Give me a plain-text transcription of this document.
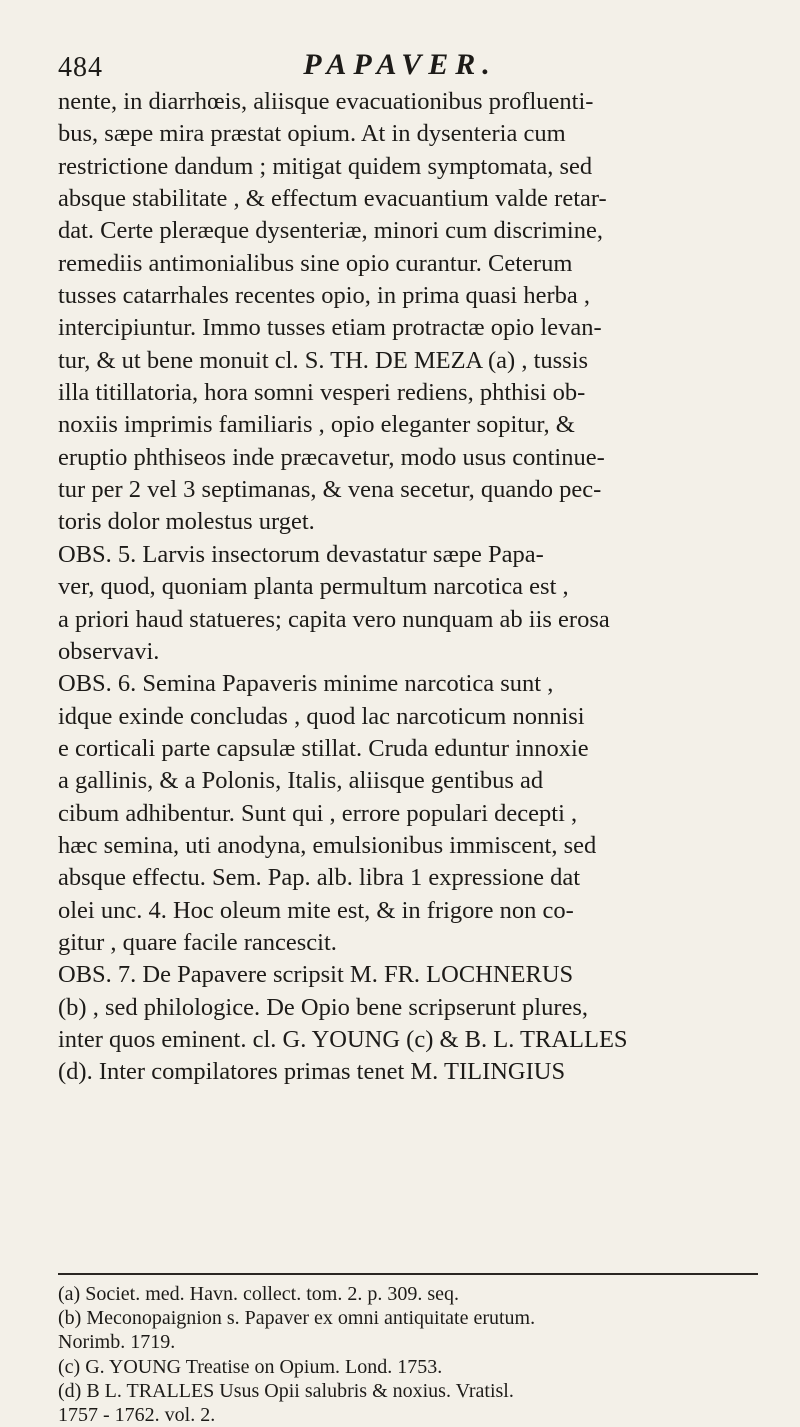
484	PAPAVER.
nente, in diarrhœis, aliisque evacuationibus profluenti-
bus, sæpe mira præstat opium. At in dysenteria cum
restrictione dandum ; mitigat quidem symptomata, sed
absque stabilitate , & effectum evacuantium valde retar-
dat. Certe pleræque dysenteriæ, minori cum discrimine,
remediis antimonialibus sine opio curantur. Ceterum
tusses catarrhales recentes opio, in prima quasi herba ,
intercipiuntur. Immo tusses etiam protractæ opio levan-
tur, & ut bene monuit cl. S. TH. DE MEZA (a) , tussis
illa titillatoria, hora somni vesperi rediens, phthisi ob-
noxiis imprimis familiaris , opio eleganter sopitur, &
eruptio phthiseos inde præcavetur, modo usus continue-
tur per 2 vel 3 septimanas, & vena secetur, quando pec-
toris dolor molestus urget.
OBS. 5. Larvis insectorum devastatur sæpe Papa-
ver, quod, quoniam planta permultum narcotica est ,
a priori haud statueres; capita vero nunquam ab iis erosa
observavi.
OBS. 6. Semina Papaveris minime narcotica sunt ,
idque exinde concludas , quod lac narcoticum nonnisi
e corticali parte capsulæ stillat. Cruda eduntur innoxie
a gallinis, & a Polonis, Italis, aliisque gentibus ad
cibum adhibentur. Sunt qui , errore populari decepti ,
hæc semina, uti anodyna, emulsionibus immiscent, sed
absque effectu. Sem. Pap. alb. libra 1 expressione dat
olei unc. 4. Hoc oleum mite est, & in frigore non co-
gitur , quare facile rancescit.
OBS. 7. De Papavere scripsit M. FR. LOCHNERUS
(b) , sed philologice. De Opio bene scripserunt plures,
inter quos eminent. cl. G. YOUNG (c) & B. L. TRALLES
(d). Inter compilatores primas tenet M. TILINGIUS
(a) Societ. med. Havn. collect. tom. 2. p. 309. seq.
(b) Meconopaignion s. Papaver ex omni antiquitate erutum.
Norimb. 1719.
(c) G. YOUNG Treatise on Opium. Lond. 1753.
(d) B L. TRALLES Usus Opii salubris & noxius. Vratisl.
1757 - 1762. vol. 2.
